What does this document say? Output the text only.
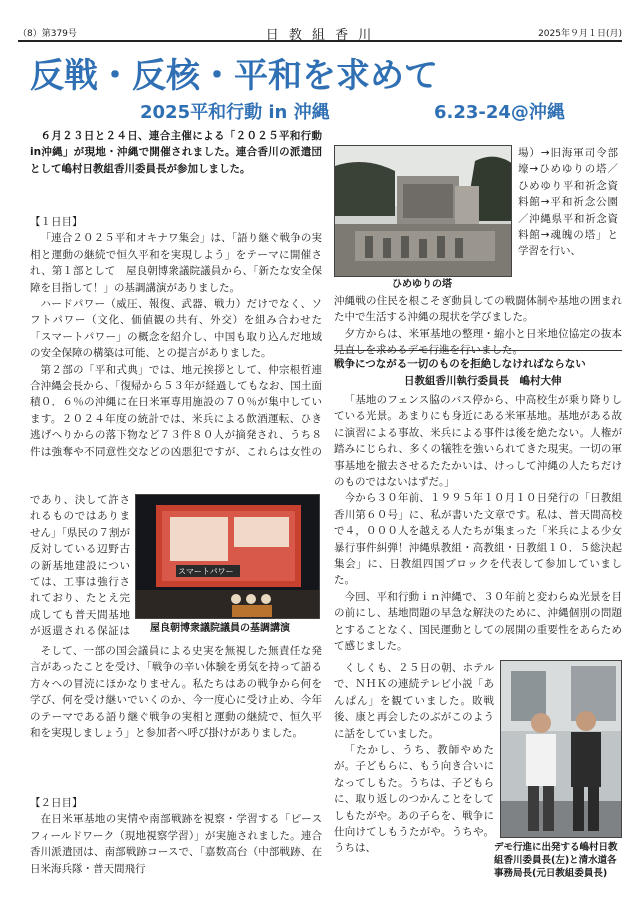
（8）第379号	日 教 組 香 川	2025年９月１日(月)
反戦・反核・平和を求めて
2025平和行動 in 沖縄	6.23-24@沖縄

６月２３日と２４日、連合主催による「２０２５平和行動in沖縄」が現地・沖縄で開催されました。連合香川の派遣団として嶋村日教組香川委員長が参加しました。

【１日目】

「連合２０２５平和オキナワ集会」は、「語り継ぐ戦争の実相と運動の継続で恒久平和を実現しよう」をテーマに開催され、第１部として　屋良朝博衆議院議員から、「新たな安全保障を目指して！」の基調講演がありました。

ハードパワー（威圧、報復、武器、戦力）だけでなく、ソフトパワー（文化、価値観の共有、外交）を組み合わせた「スマートパワー」の概念を紹介し、中国も取り込んだ地域の安全保障の構築は可能、との提言がありました。

第２部の「平和式典」では、地元挨拶として、仲宗根哲連合沖縄会長から、「復帰から５３年が経過してもなお、国土面積０．６％の沖縄に在日米軍専用施設の７０％が集中しています。２０２４年度の統計では、米兵による飲酒運転、ひき逃げへりからの落下物など７３件８０人が摘発され、うち８件は強奪や不同意性交などの凶悪犯ですが、これらは女性の

であり、決して許されるものではありません」「県民の７割が反対している辺野古の新基地建設については、工事は強行されており、たとえ完成しても普天間基地が返還される保証は

スマートパワー
屋良朝博衆議院議員の基調講演

そして、一部の国会議員による史実を無視した無責任な発言があったことを受け、「戦争の辛い体験を勇気を持って語る方々への冒涜にほかなりません。私たちはあの戦争から何を学び、何を受け継いでいくのか、今一度心に受け止め、今年のテーマである語り継ぐ戦争の実相と運動の継続で、恒久平和を実現しましょう」と参加者へ呼び掛けがありました。

【２日目】

在日米軍基地の実情や南部戦跡を視察・学習する「ピースフィールドワーク（現地視察学習）」が実施されました。連合香川派遣団は、南部戦跡コースで、「嘉数高台（中部戦跡、在日米海兵隊・普天間飛行

ひめゆりの塔

場）→旧海軍司令部壕→ひめゆりの塔／ひめゆり平和祈念資料館→平和祈念公園／沖縄県平和祈念資料館→魂魄の塔」と学習を行い、

沖縄戦の住民を根こそぎ動員しての戦闘体制や基地の囲まれた中で生活する沖縄の現状を学びました。

夕方からは、米軍基地の整理・縮小と日米地位協定の抜本見直しを求めるデモ行進を行いました。

戦争につながる一切のものを拒絶しなければならない
日教組香川執行委員長　嶋村大伸

「基地のフェンス脇のバス停から、中高校生が乗り降りしている光景。あまりにも身近にある米軍基地。基地がある故に演習による事故、米兵による事件は後を絶たない。人権が踏みにじられ、多くの犠牲を強いられてきた現実。一切の軍事基地を撤去させるたたかいは、けっして沖縄の人たちだけのものではないはずだ。」

今から３０年前、１９９５年１０月１０日発行の「日教組香川第６０号」に、私が書いた文章です。私は、普天間高校で４，０００人を越える人たちが集まった「米兵による少女暴行事件糾弾！沖縄県教組・高教組・日教組１０．５総決起集会」に、日教組四国ブロックを代表して参加していました。

今回、平和行動ｉｎ沖縄で、３０年前と変わらぬ光景を目の前にし、基地問題の早急な解決のために、沖縄個別の問題とすることなく、国民運動としての展開の重要性をあらためて感じました。

くしくも、２５日の朝、ホテルで、ＮＨＫの連続テレビ小説「あんぱん」を観ていました。敗戦後、康と再会したのぶがこのように話をしていました。

「たかし、うち、教師やめたが。子どもらに、もう向き合いになってしもた。うちは、子どもらに、取り返しのつかんことをしてしもたがや。あの子らを、戦争に仕向けてしもうたがや。うちや。うちは、	デモ行進に出発する嶋村日教組香川委員長(左)と清水道各事務局長(元日教組委員長)
